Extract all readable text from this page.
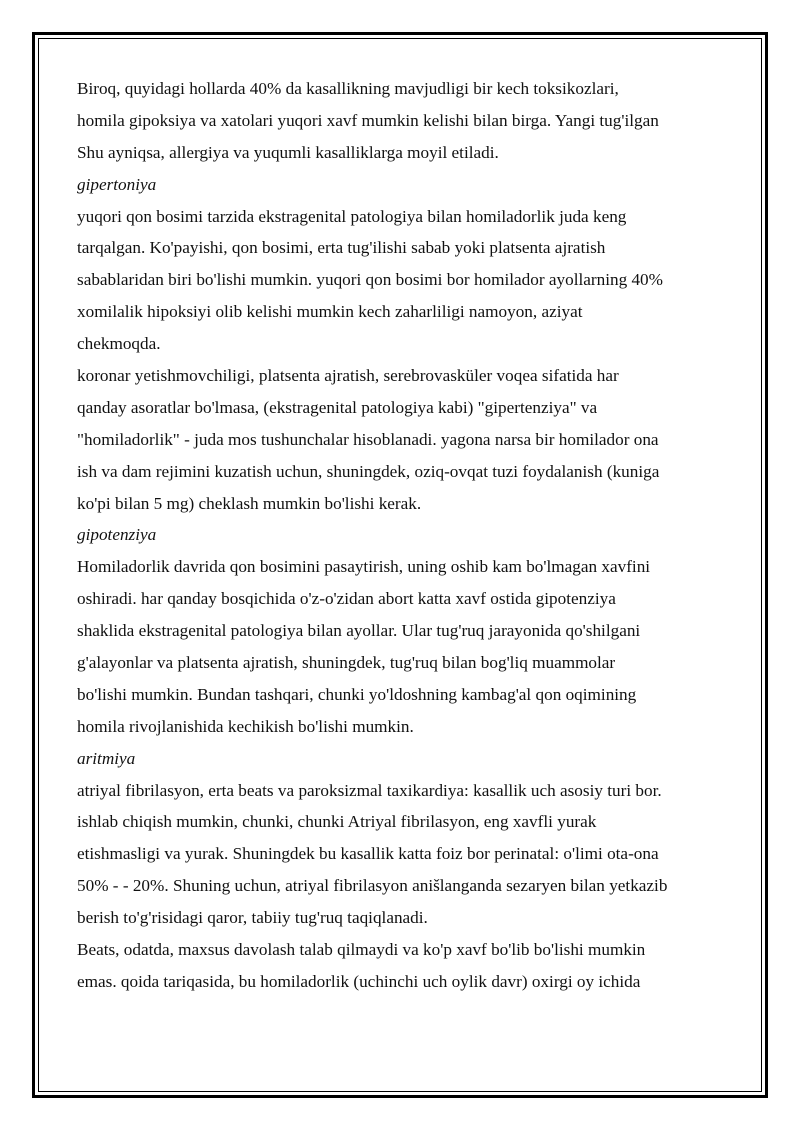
Biroq, quyidagi hollarda 40% da kasallikning mavjudligi bir kech toksikozlari,
homila gipoksiya va xatolari yuqori xavf mumkin kelishi bilan birga. Yangi tug'ilgan
Shu ayniqsa, allergiya va yuqumli kasalliklarga moyil etiladi.
gipertoniya
yuqori qon bosimi tarzida ekstragenital patologiya bilan homiladorlik juda keng
tarqalgan. Ko'payishi, qon bosimi, erta tug'ilishi sabab yoki platsenta ajratish
sabablaridan biri bo'lishi mumkin. yuqori qon bosimi bor homilador ayollarning 40%
xomilalik hipoksiyi olib kelishi mumkin kech zaharliligi namoyon, aziyat
chekmoqda.
koronar yetishmovchiligi, platsenta ajratish, serebrovasküler voqea sifatida har
qanday asoratlar bo'lmasa, (ekstragenital patologiya kabi) "gipertenziya" va
"homiladorlik" - juda mos tushunchalar hisoblanadi. yagona narsa bir homilador ona
ish va dam rejimini kuzatish uchun, shuningdek, oziq-ovqat tuzi foydalanish (kuniga
ko'pi bilan 5 mg) cheklash mumkin bo'lishi kerak.
gipotenziya
Homiladorlik davrida qon bosimini pasaytirish, uning oshib kam bo'lmagan xavfini
oshiradi. har qanday bosqichida o'z-o'zidan abort katta xavf ostida gipotenziya
shaklida ekstragenital patologiya bilan ayollar. Ular tug'ruq jarayonida qo'shilgani
g'alayonlar va platsenta ajratish, shuningdek, tug'ruq bilan bog'liq muammolar
bo'lishi mumkin. Bundan tashqari, chunki yo'ldoshning kambag'al qon oqimining
homila rivojlanishida kechikish bo'lishi mumkin.
aritmiya
atriyal fibrilasyon, erta beats va paroksizmal taxikardiya: kasallik uch asosiy turi bor.
ishlab chiqish mumkin, chunki, chunki Atriyal fibrilasyon, eng xavfli yurak
etishmasligi va yurak. Shuningdek bu kasallik katta foiz bor perinatal: o'limi ota-ona
50% - - 20%. Shuning uchun, atriyal fibrilasyon anišlanganda sezaryen bilan yetkazib
berish to'g'risidagi qaror, tabiiy tug'ruq taqiqlanadi.
Beats, odatda, maxsus davolash talab qilmaydi va ko'p xavf bo'lib bo'lishi mumkin
emas. qoida tariqasida, bu homiladorlik (uchinchi uch oylik davr) oxirgi oy ichida
